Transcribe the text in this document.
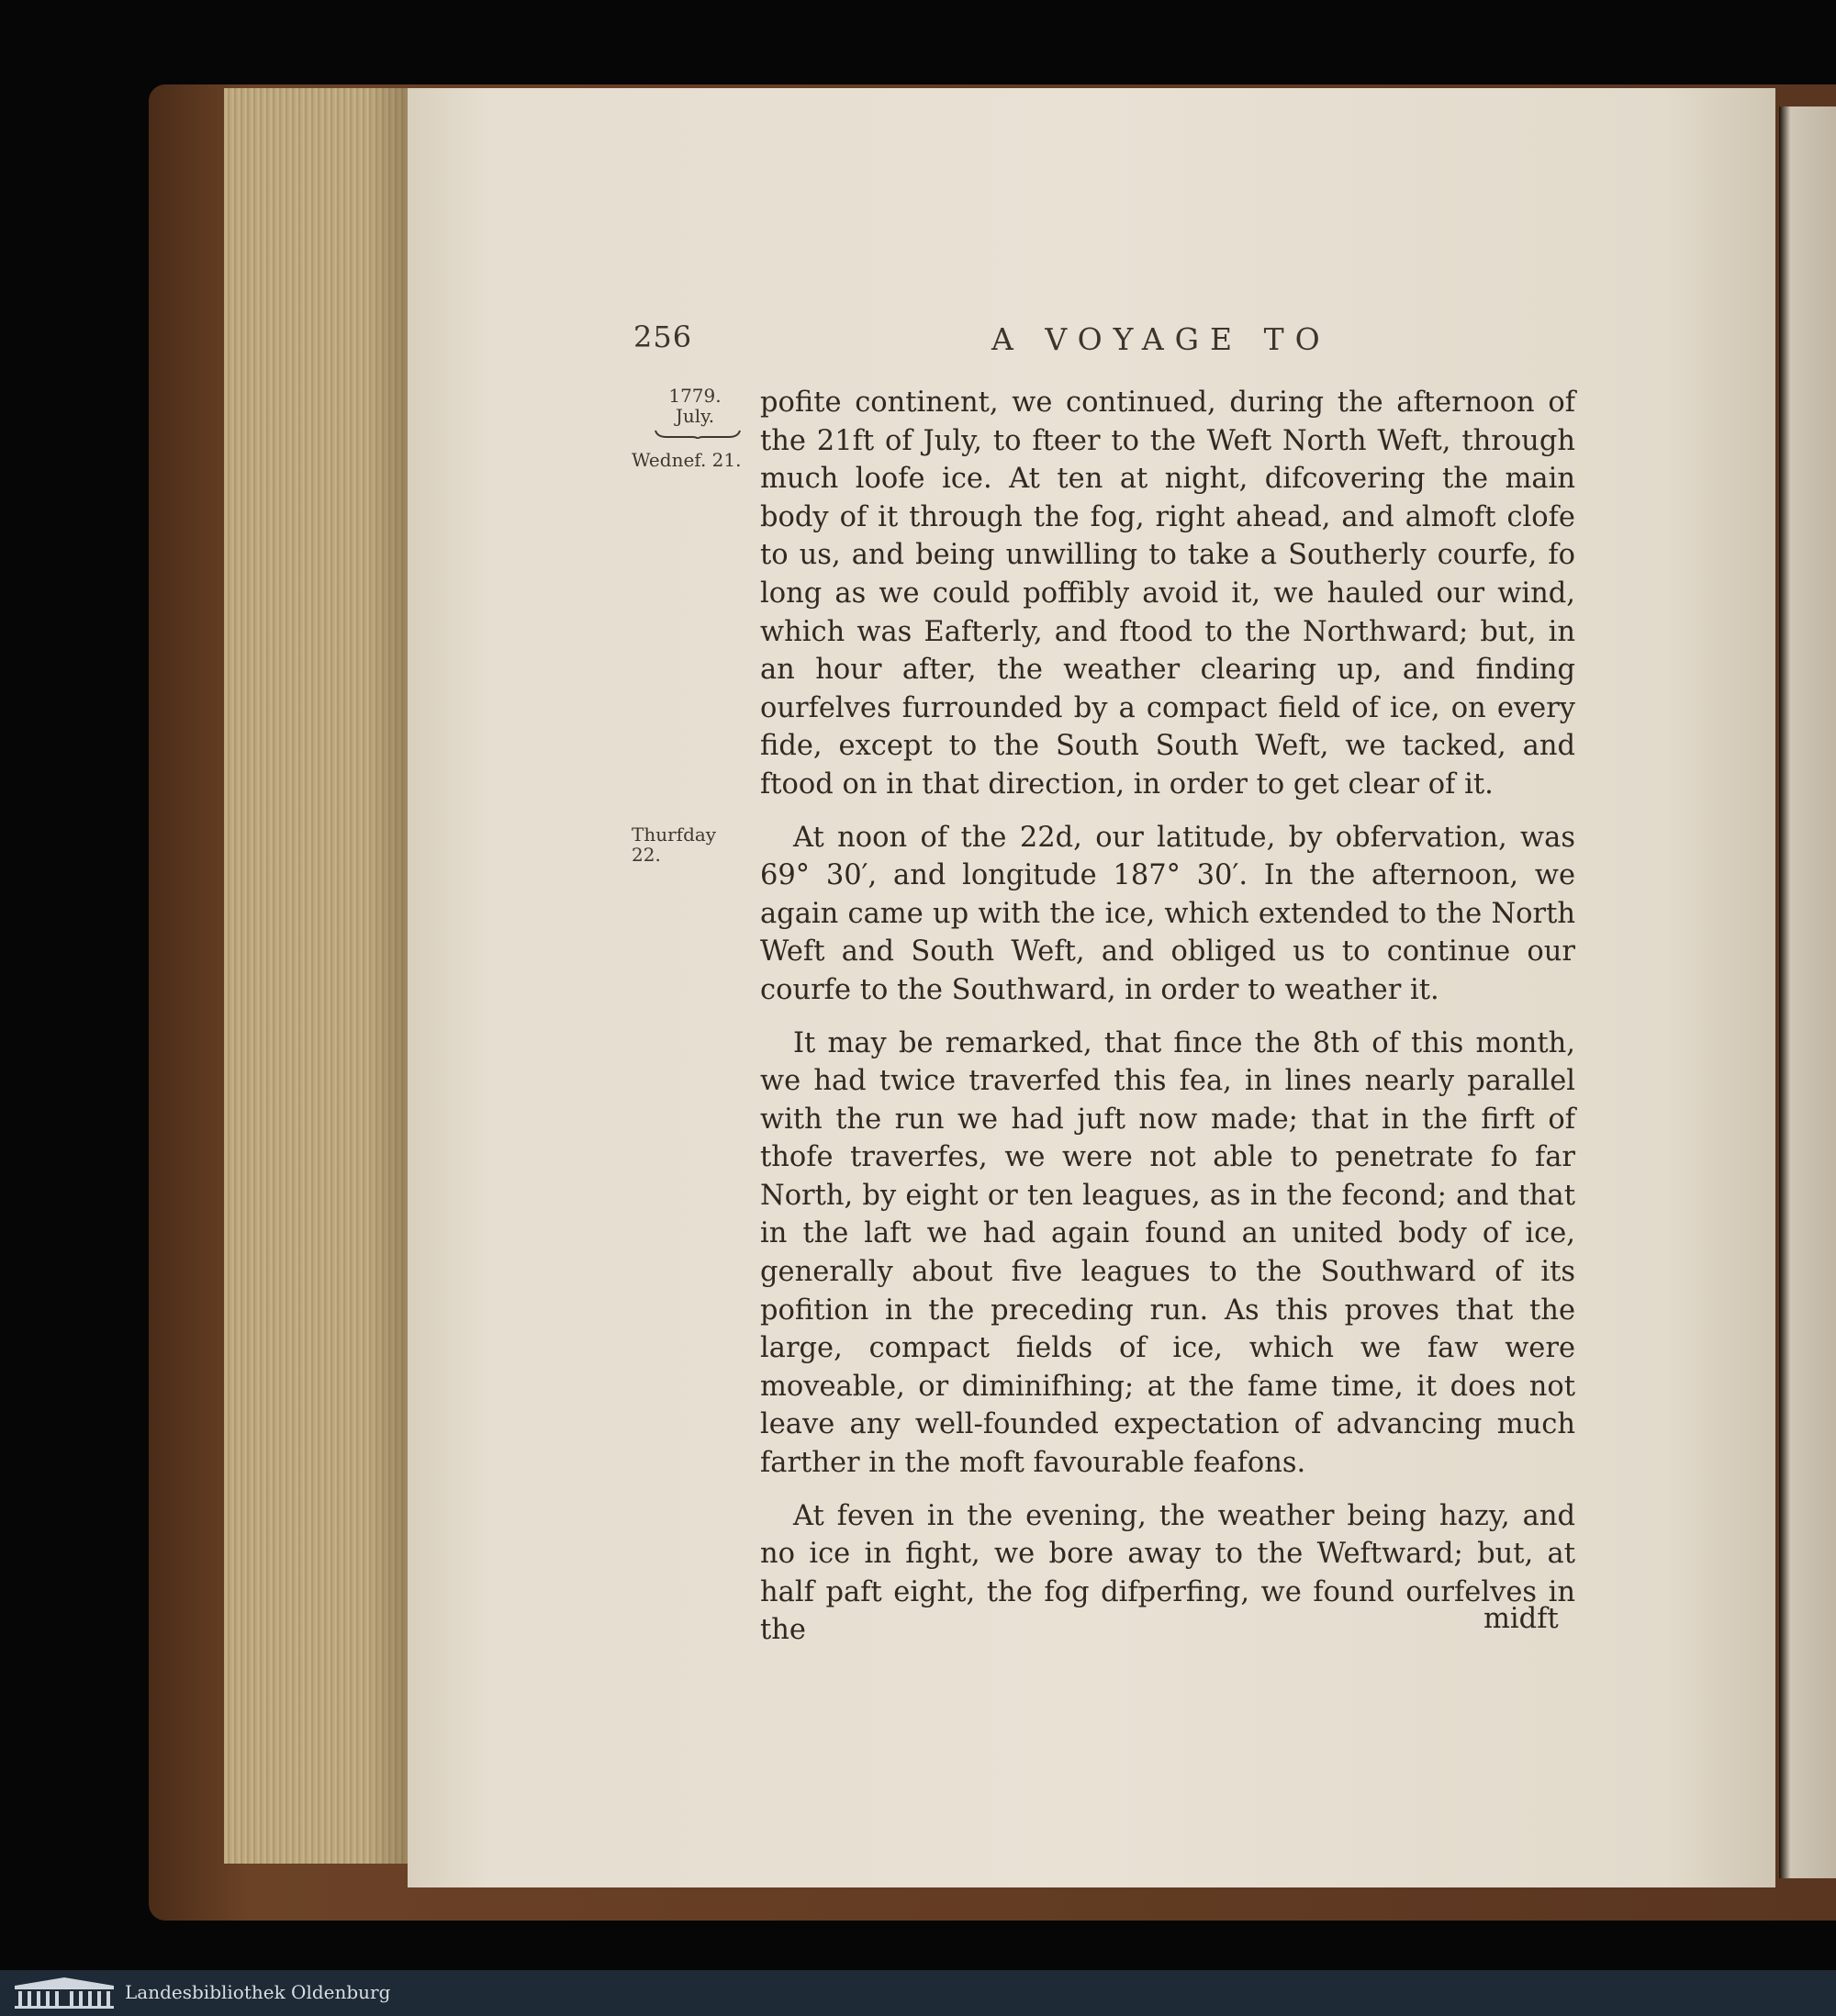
256	A VOYAGE TO
1779.
July.
Wednef. 21.
Thurfday 22.

pofite continent, we continued, during the afternoon of the 21ft of July, to fteer to the Weft North Weft, through much loofe ice. At ten at night, difcovering the main body of it through the fog, right ahead, and almoft clofe to us, and being unwilling to take a Southerly courfe, fo long as we could poffibly avoid it, we hauled our wind, which was Eafterly, and ftood to the Northward; but, in an hour after, the weather clearing up, and finding ourfelves furrounded by a compact field of ice, on every fide, except to the South South Weft, we tacked, and ftood on in that direction, in order to get clear of it.

At noon of the 22d, our latitude, by obfervation, was 69° 30′, and longitude 187° 30′. In the afternoon, we again came up with the ice, which extended to the North Weft and South Weft, and obliged us to continue our courfe to the Southward, in order to weather it.

It may be remarked, that fince the 8th of this month, we had twice traverfed this fea, in lines nearly parallel with the run we had juft now made; that in the firft of thofe traverfes, we were not able to penetrate fo far North, by eight or ten leagues, as in the fecond; and that in the laft we had again found an united body of ice, generally about five leagues to the Southward of its pofition in the preceding run. As this proves that the large, compact fields of ice, which we faw were moveable, or diminifhing; at the fame time, it does not leave any well-founded expectation of advancing much farther in the moft favourable feafons.

At feven in the evening, the weather being hazy, and no ice in fight, we bore away to the Weftward; but, at half paft eight, the fog difperfing, we found ourfelves in the	midft
Landesbibliothek Oldenburg
